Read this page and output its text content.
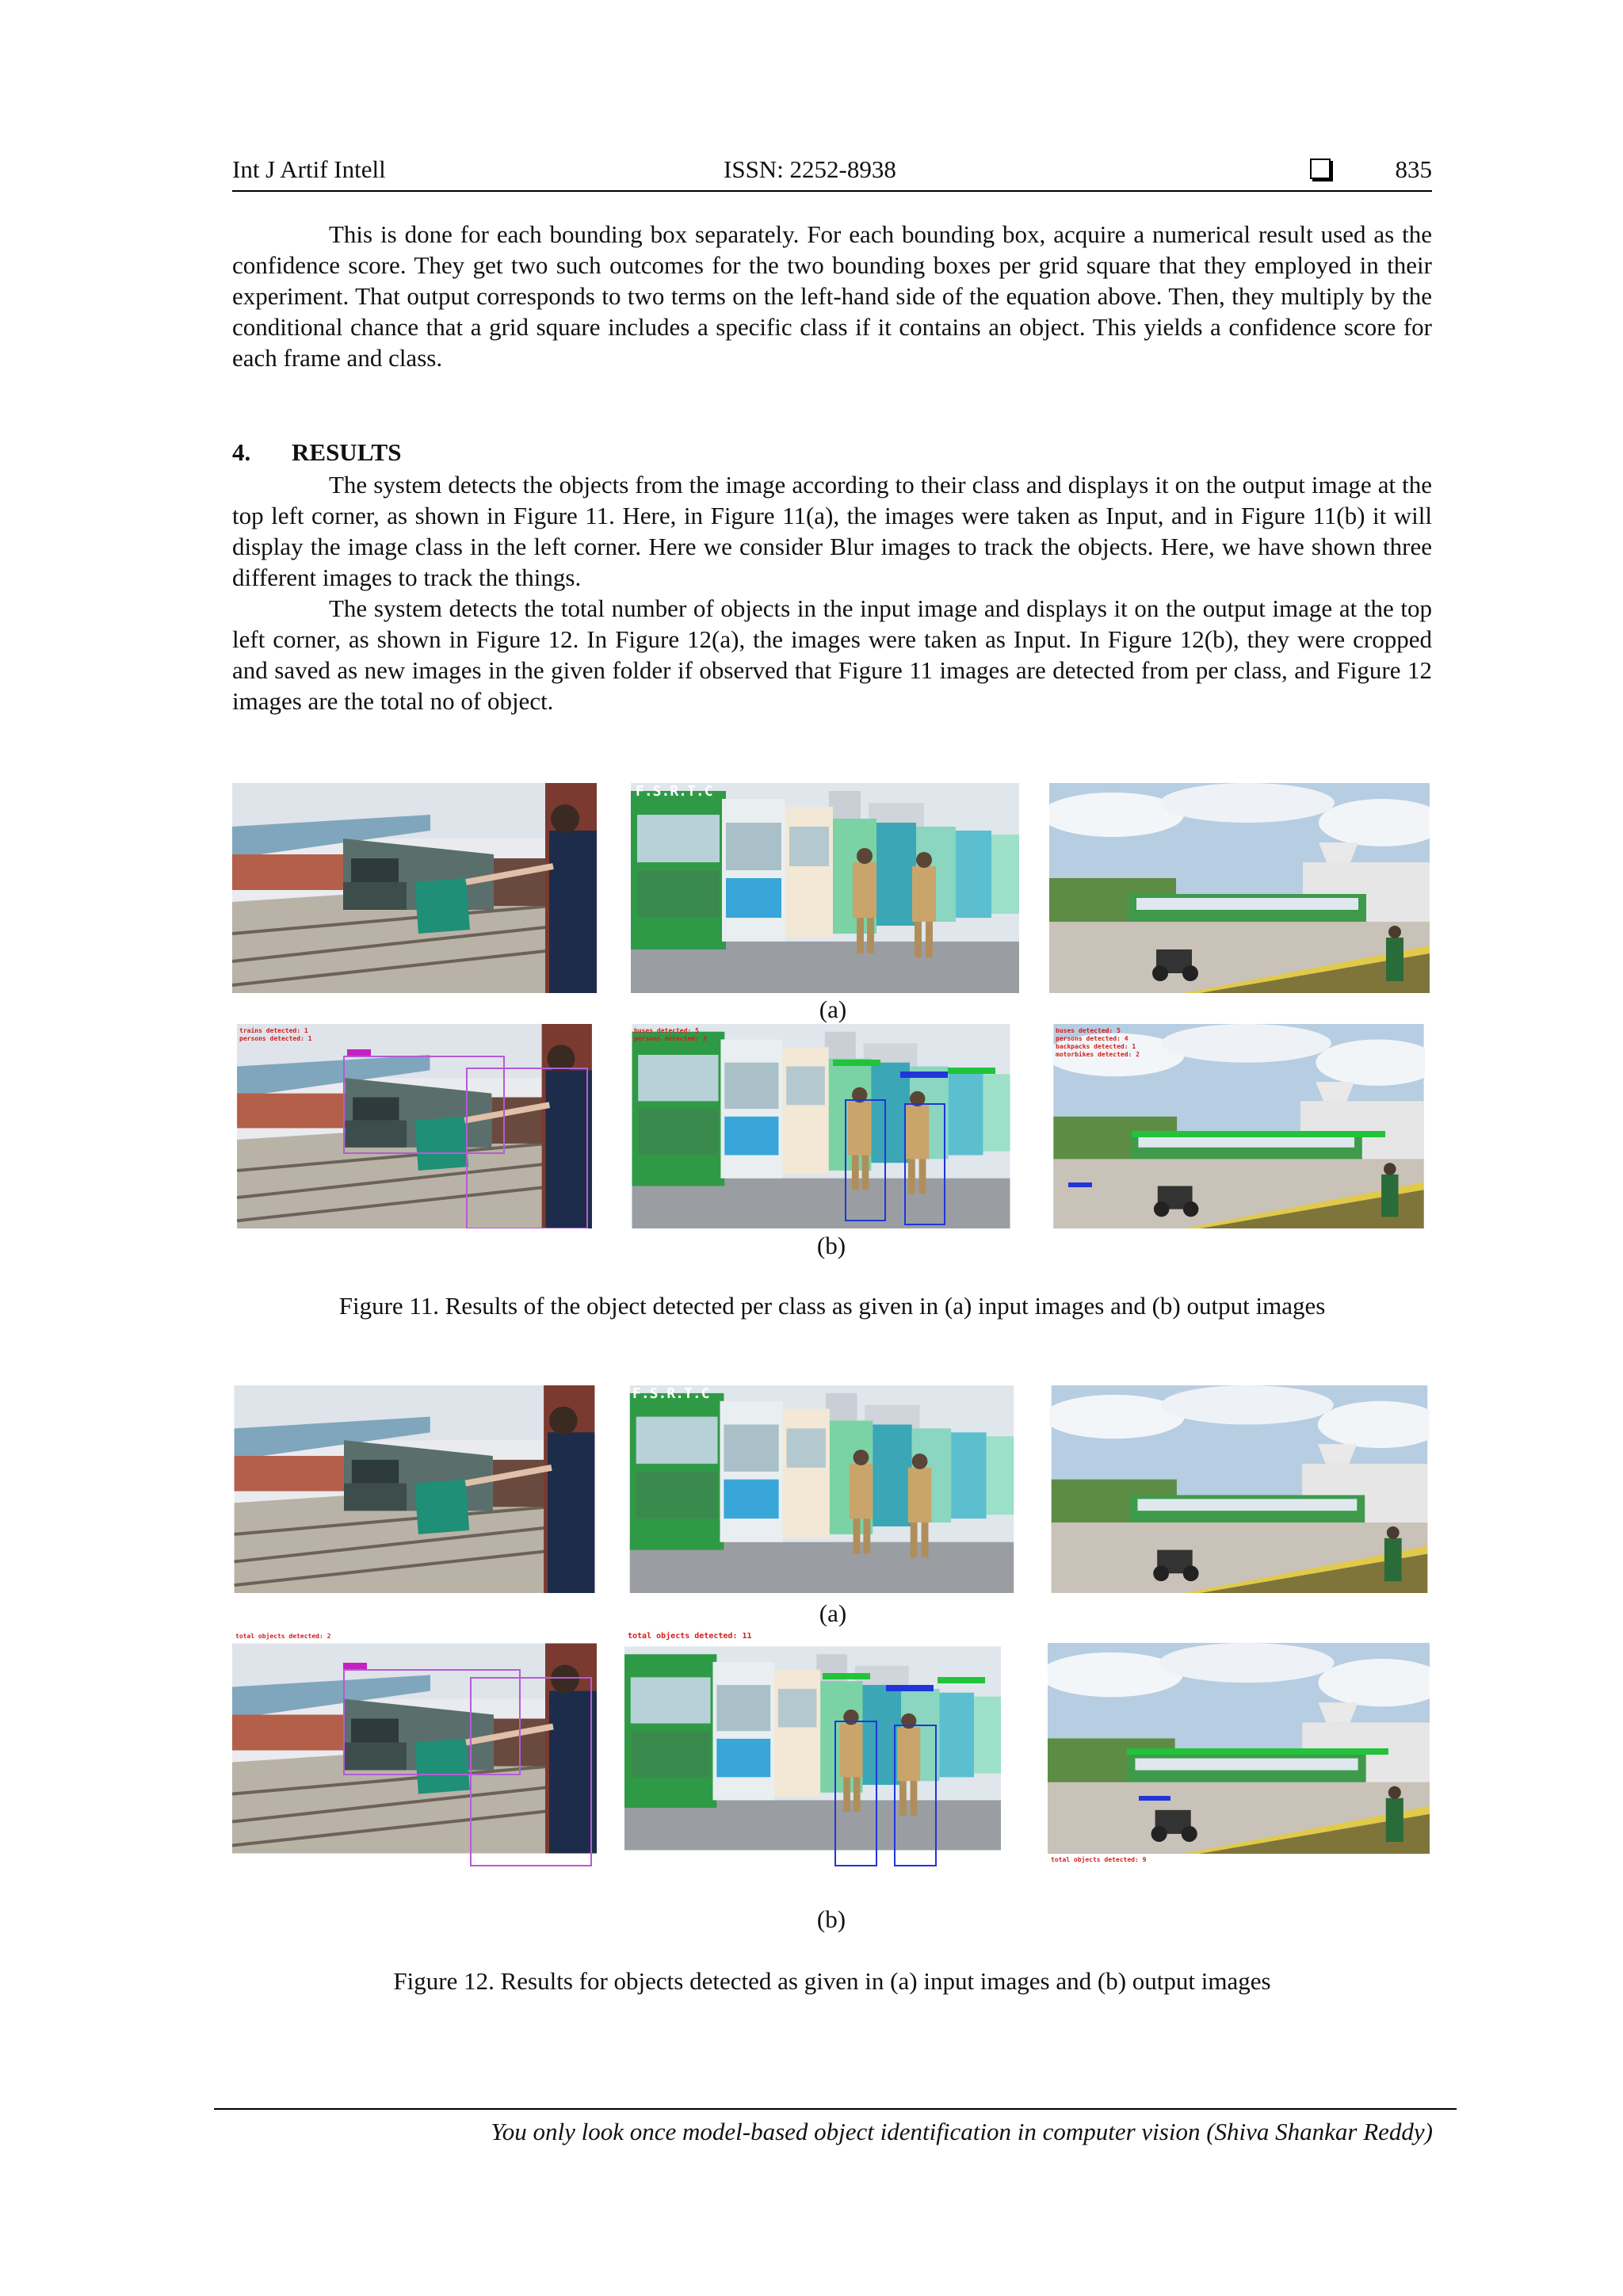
Int J Artif Intell	ISSN: 2252-8938	835

This is done for each bounding box separately. For each bounding box, acquire a numerical result used as the confidence score. They get two such outcomes for the two bounding boxes per grid square that they employed in their experiment. That output corresponds to two terms on the left-hand side of the equation above. Then, they multiply by the conditional chance that a grid square includes a specific class if it contains an object. This yields a confidence score for each frame and class.

4. RESULTS

The system detects the objects from the image according to their class and displays it on the output image at the top left corner, as shown in Figure 11. Here, in Figure 11(a), the images were taken as Input, and in Figure 11(b) it will display the image class in the left corner. Here we consider Blur images to track the objects. Here, we have shown three different images to track the things.

The system detects the total number of objects in the input image and displays it on the output image at the top left corner, as shown in Figure 12. In Figure 12(a), the images were taken as Input. In Figure 12(b), they were cropped and saved as new images in the given folder if observed that Figure 11 images are detected from per class, and Figure 12 images are the total no of object.

F.S.R.T.C
(a)
trains detected: 1
persons detected: 1
buses detected: 5
persons detected: 3
buses detected: 5
persons detected: 4
backpacks detected: 1
motorbikes detected: 2
(b)
Figure 11. Results of the object detected per class as given in (a) input images and (b) output images
F.S.R.T.C
(a)
total objects detected: 2	total objects detected: 11
total objects detected: 9
(b)
Figure 12. Results for objects detected as given in (a) input images and (b) output images
You only look once model-based object identification in computer vision (Shiva Shankar Reddy)
